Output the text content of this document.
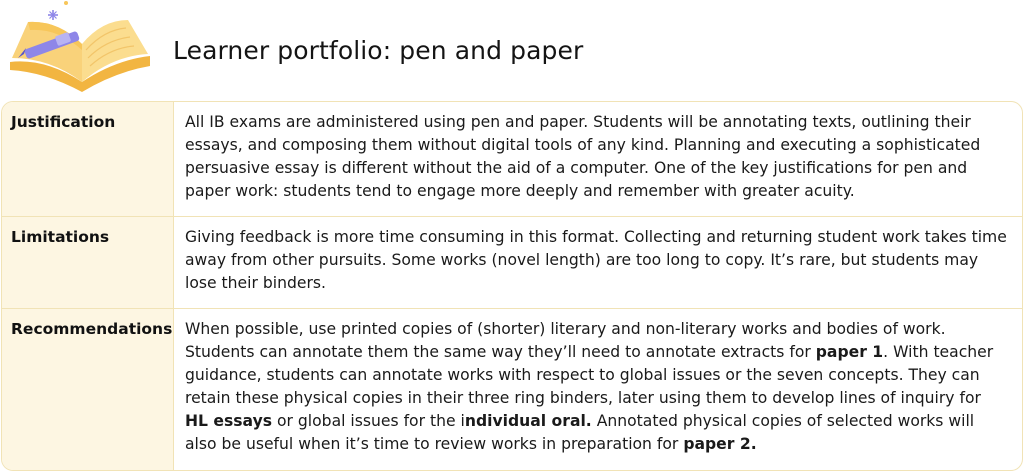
Learner portfolio: pen and paper
Justification	All IB exams are administered using pen and paper. Students will be annotating texts, outlining their essays, and composing them without digital tools of any kind. Planning and executing a sophisticated persuasive essay is different without the aid of a computer. One of the key justifications for pen and paper work: students tend to engage more deeply and remember with greater acuity.
Limitations	Giving feedback is more time consuming in this format. Collecting and returning student work takes time away from other pursuits. Some works (novel length) are too long to copy. It’s rare, but students may lose their binders.
Recommendations When possible, use printed copies of (shorter) literary and non-literary works and bodies of work. Students can annotate them the same way they’ll need to annotate extracts for paper 1. With teacher guidance, students can annotate works with respect to global issues or the seven concepts. They can retain these physical copies in their three ring binders, later using them to develop lines of inquiry for HL essays or global issues for the individual oral. Annotated physical copies of selected works will also be useful when it’s time to review works in preparation for paper 2.
